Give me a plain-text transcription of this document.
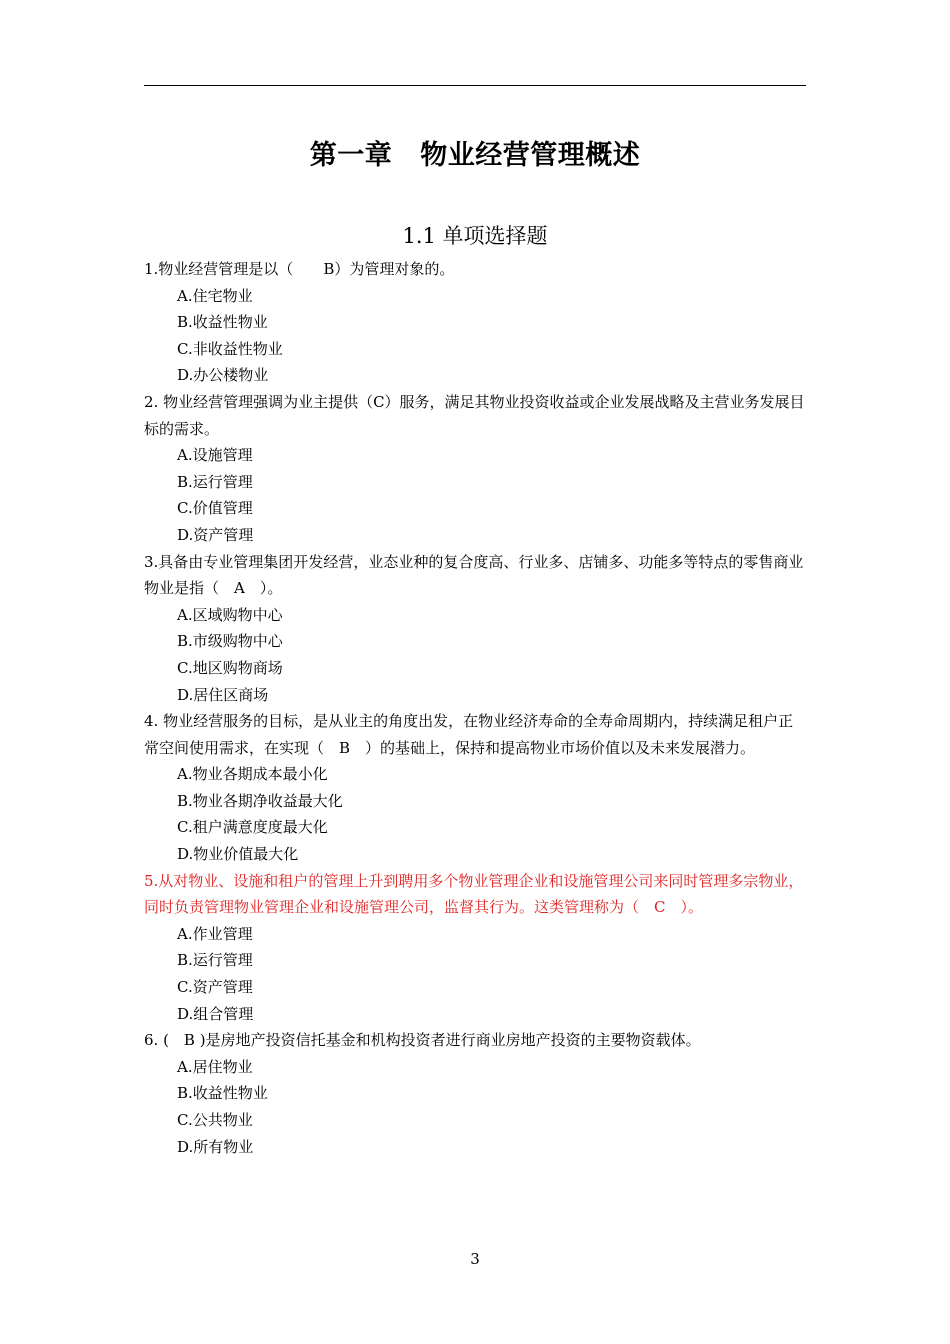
第一章 物业经营管理概述
1.1 单项选择题

1.物业经营管理是以（　　B）为管理对象的。

A.住宅物业

B.收益性物业

C.非收益性物业

D.办公楼物业

2. 物业经营管理强调为业主提供（C）服务，满足其物业投资收益或企业发展战略及主营业务发展目标的需求。

A.设施管理

B.运行管理

C.价值管理

D.资产管理

3.具备由专业管理集团开发经营，业态业种的复合度高、行业多、店铺多、功能多等特点的零售商业物业是指（　A　）。

A.区域购物中心

B.市级购物中心

C.地区购物商场

D.居住区商场

4. 物业经营服务的目标，是从业主的角度出发，在物业经济寿命的全寿命周期内，持续满足租户正常空间使用需求，在实现（　B　）的基础上，保持和提高物业市场价值以及未来发展潜力。

A.物业各期成本最小化

B.物业各期净收益最大化

C.租户满意度度最大化

D.物业价值最大化

5.从对物业、设施和租户的管理上升到聘用多个物业管理企业和设施管理公司来同时管理多宗物业，同时负责管理物业管理企业和设施管理公司，监督其行为。这类管理称为（　C　）。

A.作业管理

B.运行管理

C.资产管理

D.组合管理

6. (　B )是房地产投资信托基金和机构投资者进行商业房地产投资的主要物资载体。

A.居住物业

B.收益性物业

C.公共物业

D.所有物业

3
